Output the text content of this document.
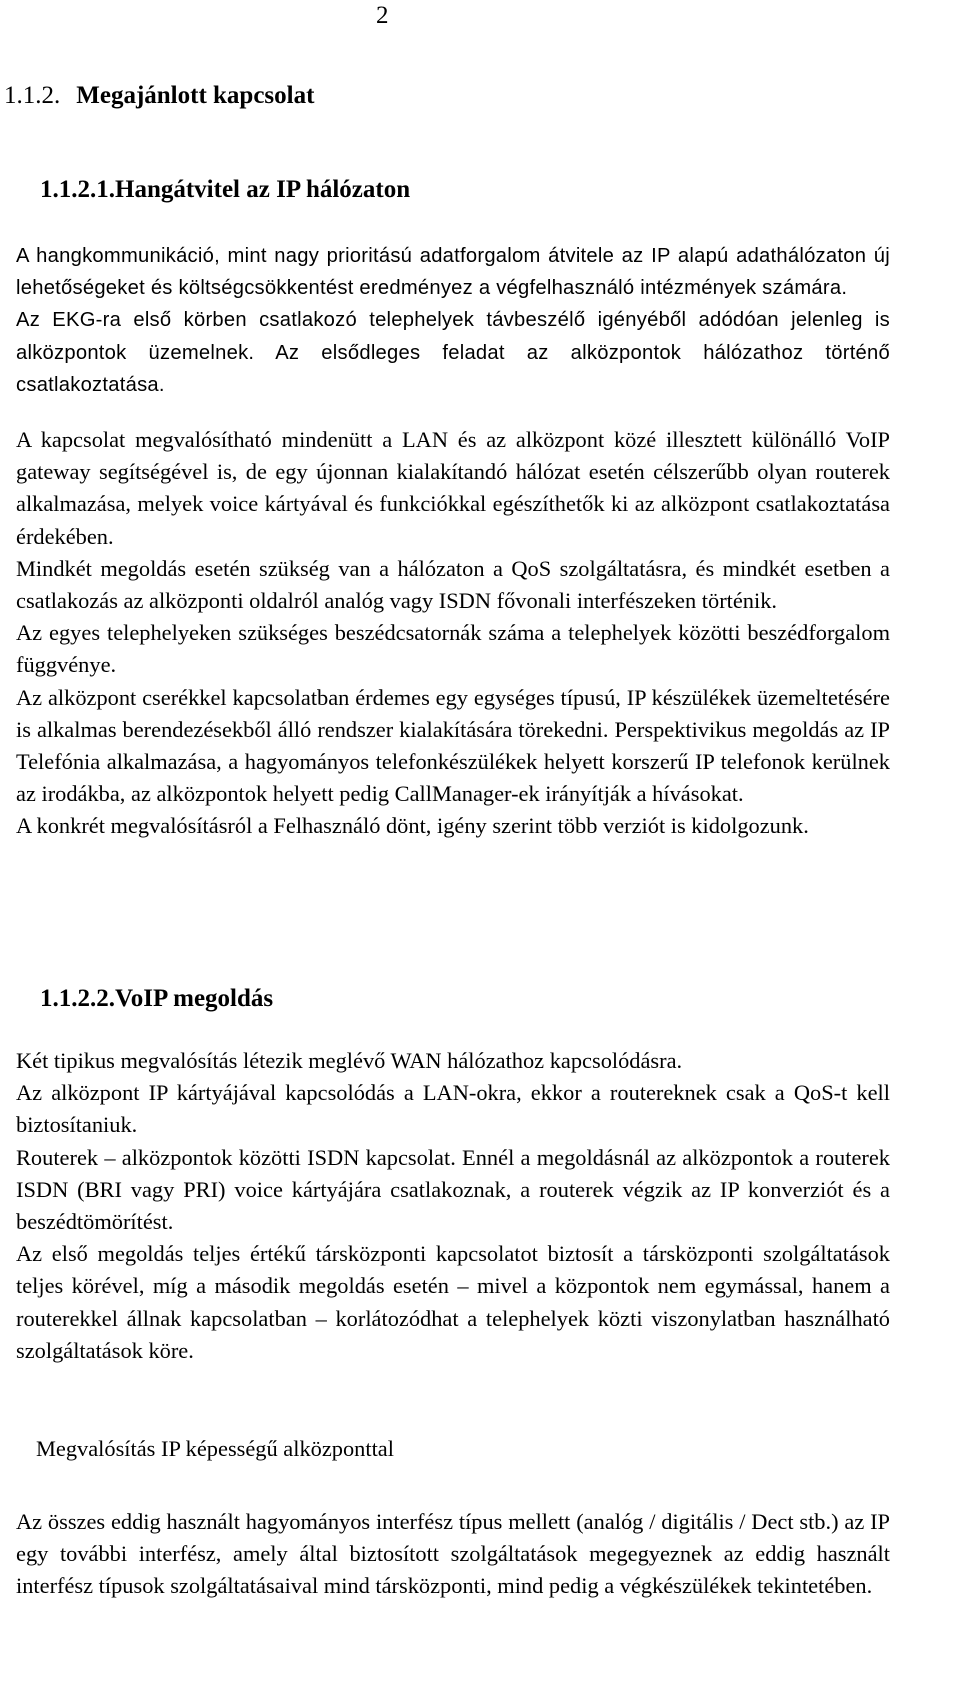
2
1.1.2. Megajánlott kapcsolat
1.1.2.1.Hangátvitel az IP hálózaton

A hangkommunikáció, mint nagy prioritású adatforgalom átvitele az IP alapú adathálózaton új lehetőségeket és költségcsökkentést eredményez a végfelhasználó intézmények számára.

Az EKG-ra első körben csatlakozó telephelyek távbeszélő igényéből adódóan jelenleg is alközpontok üzemelnek. Az elsődleges feladat az alközpontok hálózathoz történő csatlakoztatása.

A kapcsolat megvalósítható mindenütt a LAN és az alközpont közé illesztett különálló VoIP gateway segítségével is, de egy újonnan kialakítandó hálózat esetén célszerűbb olyan routerek alkalmazása, melyek voice kártyával és funkciókkal egészíthetők ki az alközpont csatlakoztatása érdekében.

Mindkét megoldás esetén szükség van a hálózaton a QoS szolgáltatásra, és mindkét esetben a csatlakozás az alközponti oldalról analóg vagy ISDN fővonali interfészeken történik.

Az egyes telephelyeken szükséges beszédcsatornák száma a telephelyek közötti beszédforgalom függvénye.

Az alközpont cserékkel kapcsolatban érdemes egy egységes típusú, IP készülékek üzemeltetésére is alkalmas berendezésekből álló rendszer kialakítására törekedni. Perspektivikus megoldás az IP Telefónia alkalmazása, a hagyományos telefonkészülékek helyett korszerű IP telefonok kerülnek az irodákba, az alközpontok helyett pedig CallManager-ek irányítják a hívásokat.

A konkrét megvalósításról a Felhasználó dönt, igény szerint több verziót is kidolgozunk.

1.1.2.2.VoIP megoldás

Két tipikus megvalósítás létezik meglévő WAN hálózathoz kapcsolódásra.

Az alközpont IP kártyájával kapcsolódás a LAN-okra, ekkor a routereknek csak a QoS-t kell biztosítaniuk.

Routerek – alközpontok közötti ISDN kapcsolat. Ennél a megoldásnál az alközpontok a routerek ISDN (BRI vagy PRI) voice kártyájára csatlakoznak, a routerek végzik az IP konverziót és a beszédtömörítést.

Az első megoldás teljes értékű társközponti kapcsolatot biztosít a társközponti szolgáltatások teljes körével, míg a második megoldás esetén – mivel a központok nem egymással, hanem a routerekkel állnak kapcsolatban – korlátozódhat a telephelyek közti viszonylatban használható szolgáltatások köre.

Megvalósítás IP képességű alközponttal

Az összes eddig használt hagyományos interfész típus mellett (analóg / digitális / Dect stb.) az IP egy további interfész, amely által biztosított szolgáltatások megegyeznek az eddig használt interfész típusok szolgáltatásaival mind társközponti, mind pedig a végkészülékek tekintetében.
